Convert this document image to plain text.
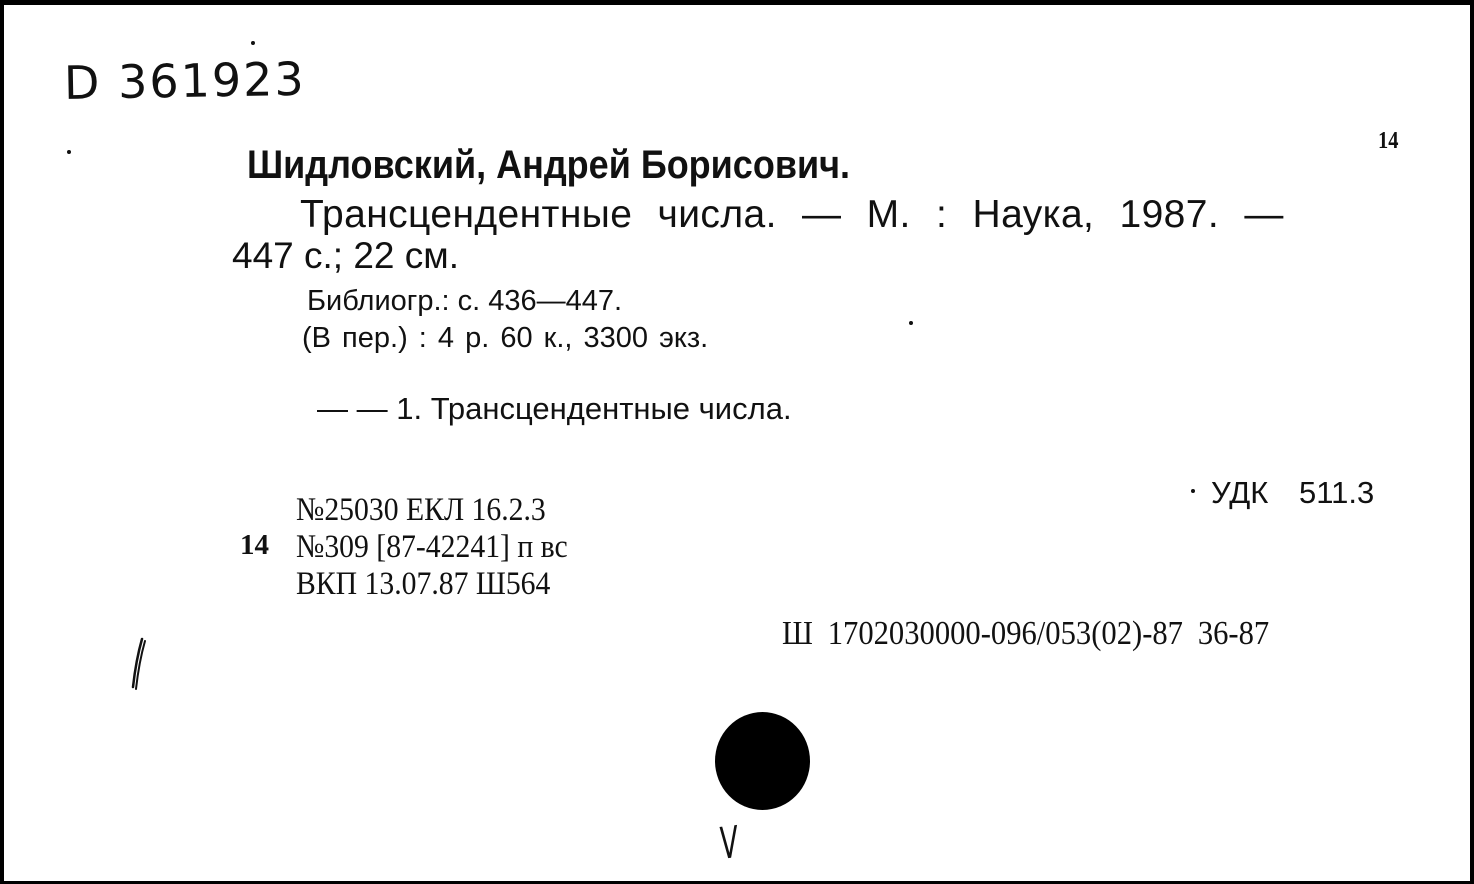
D 361923
14
Шидловский, Андрей Борисович.
Трансцендентные числа. — М. : Наука, 1987. —
447 с.; 22 см.
Библиогр.: с. 436—447.
(В пер.) : 4 р. 60 к., 3300 экз.
— — 1. Трансцендентные числа.
УДК 511.3
№25030 ЕКЛ 16.2.3
14 №309 [87-42241] п вс
ВКП 13.07.87 Ш564
Ш 1702030000-096/053(02)-87 36-87
V
